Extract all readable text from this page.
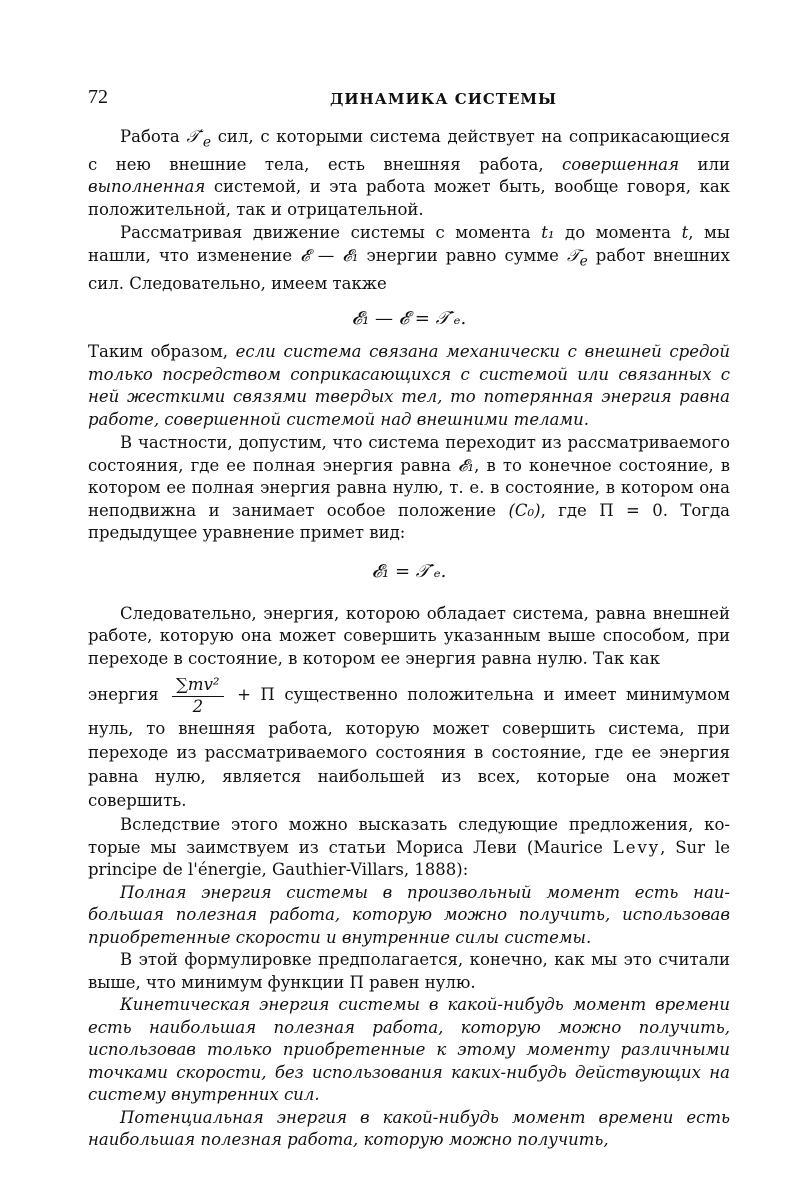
72	ДИНАМИКА СИСТЕМЫ

Работа $𝒯'_e$ сил, с которыми система действует на соприкасающиеся с нею внешние тела, есть внешняя работа, совершенная или выполненная системой, и эта работа может быть, вообще говоря, как положительной, так и отрицательной.

Рассматривая движение системы с момента t₁ до момента t, мы нашли, что изменение 𝓔 — 𝓔₁ энергии равно сумме 𝒯$_e$ работ внешних сил. Следовательно, имеем также

𝓔₁ — 𝓔 = 𝒯′ₑ.

Таким образом, если система связана механически с внешней средой только посредством соприкасающихся с системой или связанных с ней жесткими связями твердых тел, то потерянная энергия равна работе, совершенной системой над внешними телами.

В частности, допустим, что система переходит из рассматриваемого состояния, где ее полная энергия равна 𝓔₁, в то конечное состояние, в котором ее полная энергия равна нулю, т. е. в состояние, в котором она неподвижна и занимает особое положение (C₀), где Π = 0. Тогда предыдущее уравнение примет вид:

𝓔₁ = 𝒯′ₑ.

Следовательно, энергия, которою обладает система, равна внешней работе, которую она может совершить указанным выше способом, при переходе в состояние, в котором ее энергия равна нулю. Так как

энергия $\frac{\text{∑mv²}}{2} + \Pi$ существенно положительна и имеет минимумом нуль, то внешняя работа, которую может совершить система, при переходе из рассматриваемого состояния в состояние, где ее энергия равна нулю, является наибольшей из всех, которые она может совершить.

Вследствие этого можно высказать следующие предложения, которые мы заимствуем из статьи Мориса Леви (Maurice Levy, Sur le principe de l'énergie, Gauthier-Villars, 1888):

Полная энергия системы в произвольный момент есть наибольшая полезная работа, которую можно получить, использовав приобретенные скорости и внутренние силы системы.

В этой формулировке предполагается, конечно, как мы это считали выше, что минимум функции Π равен нулю.

Кинетическая энергия системы в какой-нибудь момент времени есть наибольшая полезная работа, которую можно получить, использовав только приобретенные к этому моменту различными точками скорости, без использования каких-нибудь действующих на систему внутренних сил.

Потенциальная энергия в какой-нибудь момент времени есть наибольшая полезная работа, которую можно получить,
